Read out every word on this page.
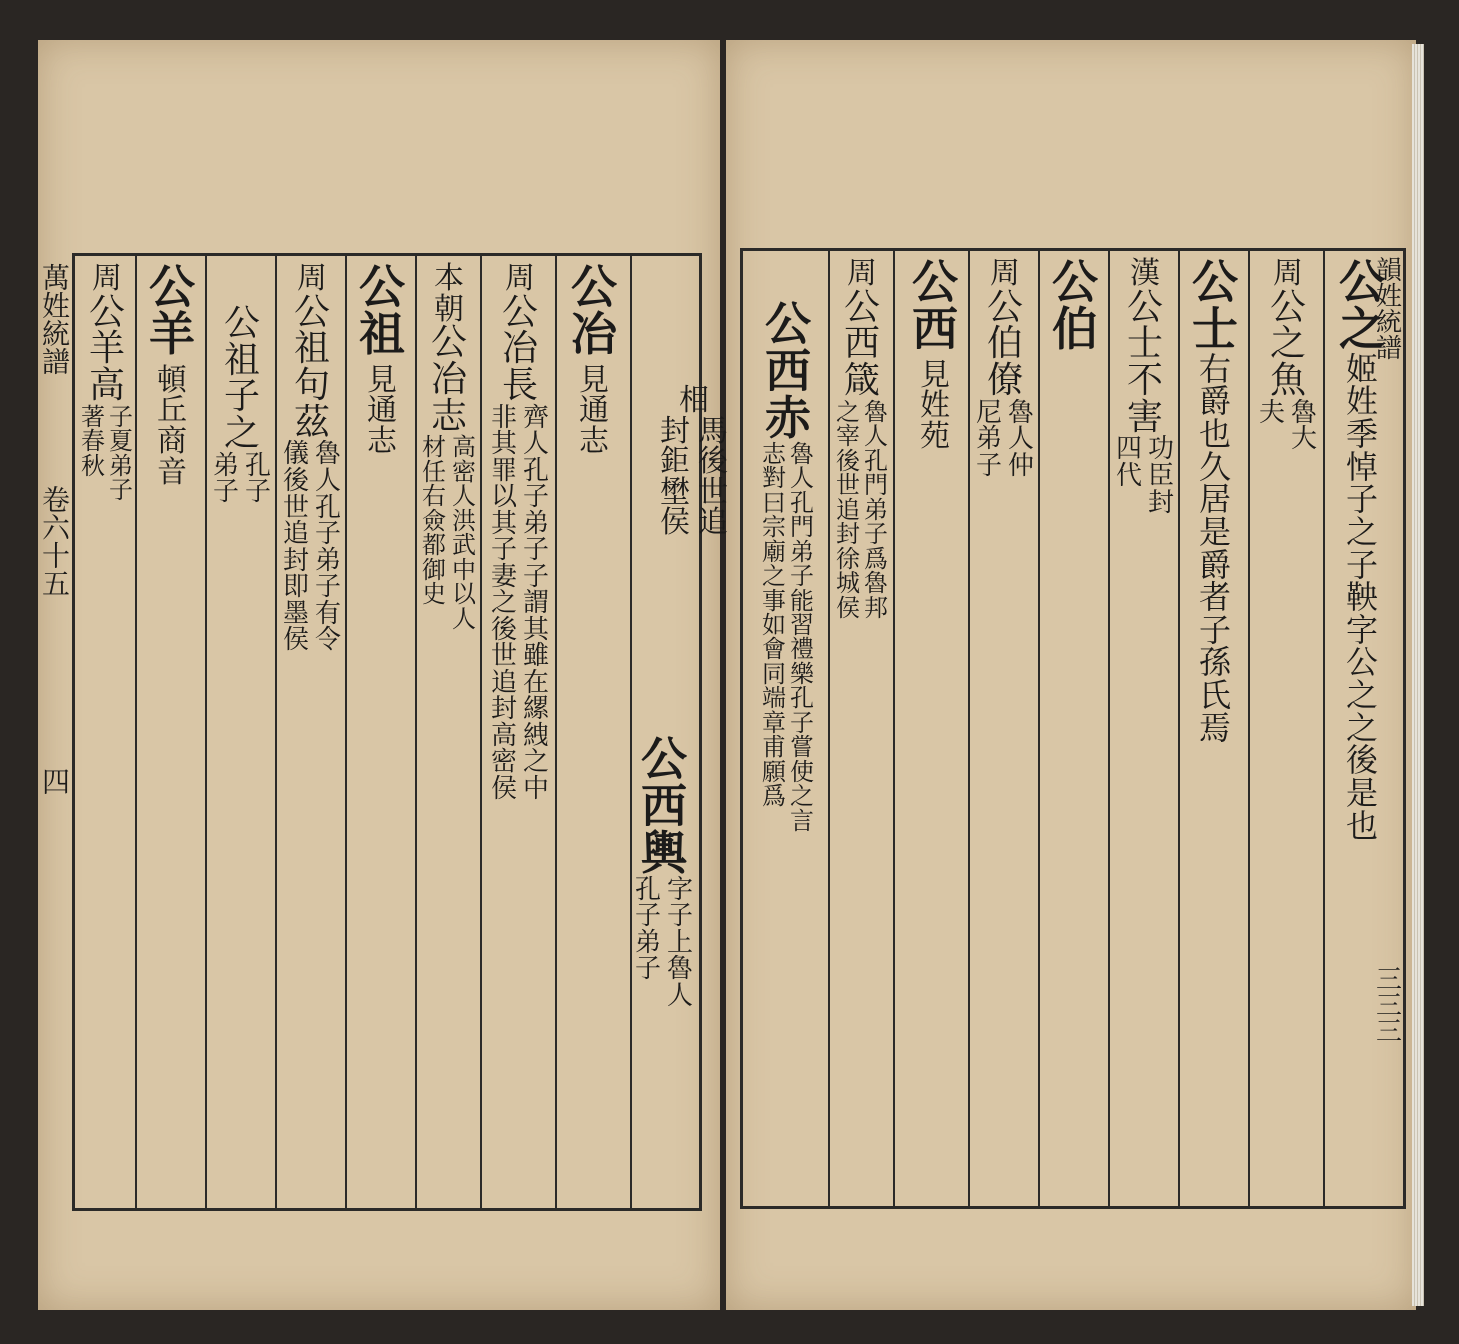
萬姓統譜
卷六十五
四
相
馬後世追
封鉅壄侯
公冶
見通志
周
公冶長
齊人孔子弟子子謂其雖在縲絏之中
非其罪以其子妻之後世追封高密侯
本
朝
公冶志
高密人洪武中以人
材任右僉都御史
公祖
見通志
周
公祖句茲
魯人孔子弟子有令
儀後世追封即墨侯
公祖子之
孔子
弟子
公羊
頓丘商音
周
公羊高
子夏弟子
著春秋
公西輿
字子上魯人
孔子弟子
韻姓統譜
三三三
公之
姬姓季悼子之子鞅字公之之後是也
周
公之魚
魯大
夫
公士
右爵也久居是爵者子孫氏焉
漢
公士不害
功臣封
四代
公伯
周
公伯僚
魯人仲
尼弟子
公西
見姓苑
周
公西箴
魯人孔門弟子爲魯邦
之宰後世追封徐城侯
公西赤
魯人孔門弟子能習禮樂孔子嘗使之言
志對曰宗廟之事如會同端章甫願爲
